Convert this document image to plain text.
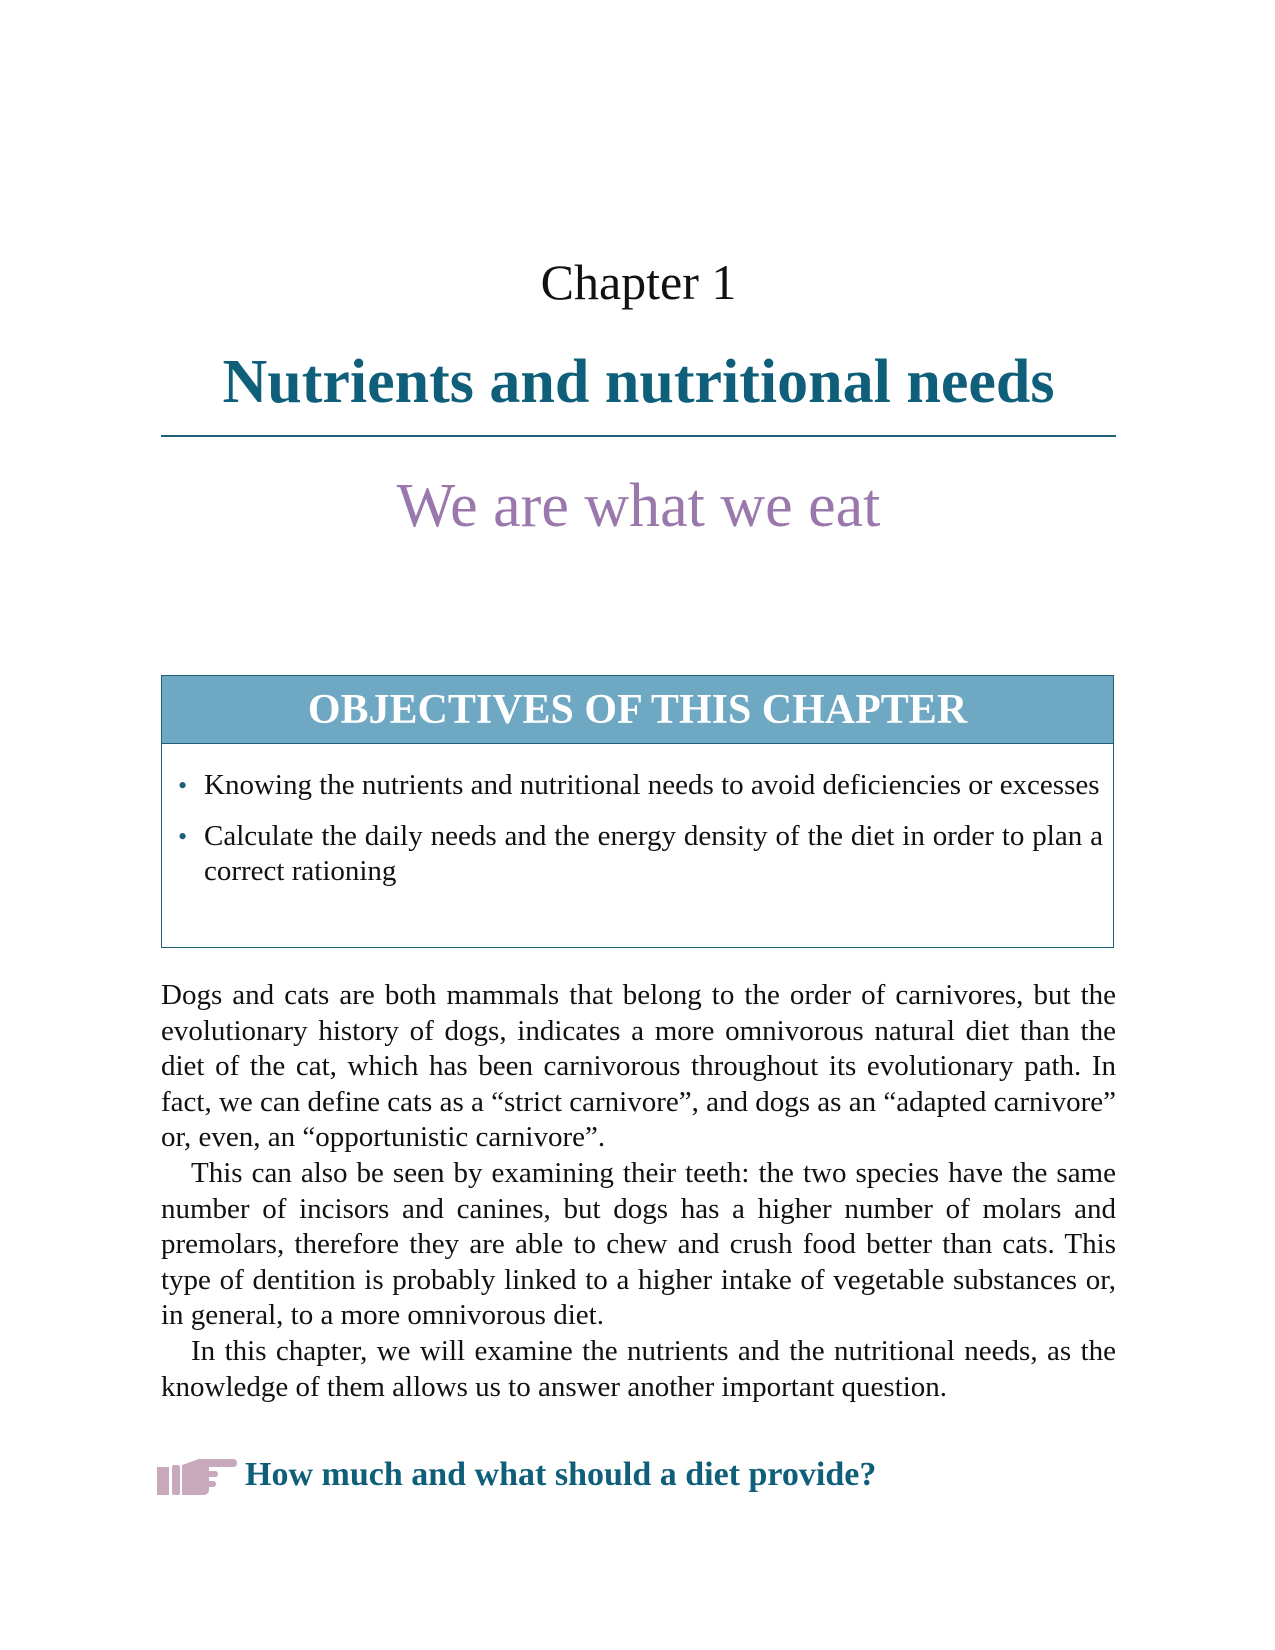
Chapter 1
Nutrients and nutritional needs
We are what we eat
OBJECTIVES OF THIS CHAPTER
• Knowing the nutrients and nutritional needs to avoid deficiencies or excesses
• Calculate the daily needs and the energy density of the diet in order to plan a correct rationing

Dogs and cats are both mammals that belong to the order of carnivores, but the evolutionary history of dogs, indicates a more omnivorous natural diet than the diet of the cat, which has been carnivorous throughout its evolutionary path. In fact, we can define cats as a “strict carnivore”, and dogs as an “adapted carnivore” or, even, an “opportunistic carnivore”.

This can also be seen by examining their teeth: the two species have the same number of incisors and canines, but dogs has a higher number of molars and premolars, therefore they are able to chew and crush food better than cats. This type of dentition is probably linked to a higher intake of vegetable substances or, in general, to a more omnivorous diet.

In this chapter, we will examine the nutrients and the nutritional needs, as the knowledge of them allows us to answer another important question.

How much and what should a diet provide?
